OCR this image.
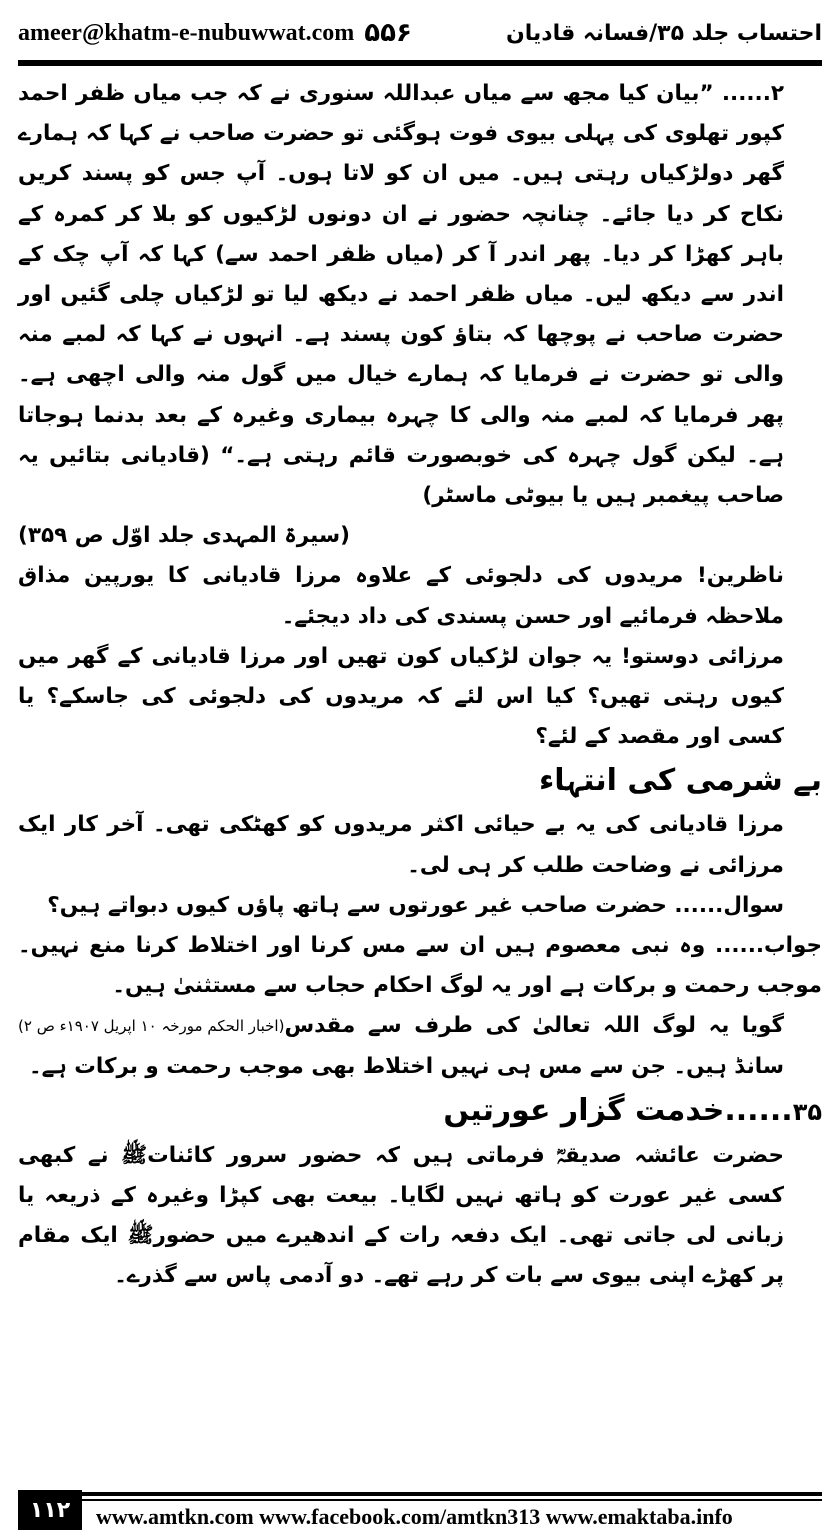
ameer@khatm-e-nubuwwat.com ۵۵۶	احتساب جلد ۳۵/فسانہ قادیان

۲...... ”بیان کیا مجھ سے میاں عبداللہ سنوری نے کہ جب میاں ظفر احمد کپور تھلوی کی پہلی بیوی فوت ہوگئی تو حضرت صاحب نے کہا کہ ہمارے گھر دولڑکیاں رہتی ہیں۔ میں ان کو لاتا ہوں۔ آپ جس کو پسند کریں نکاح کر دیا جائے۔ چنانچہ حضور نے ان دونوں لڑکیوں کو بلا کر کمرہ کے باہر کھڑا کر دیا۔ پھر اندر آ کر (میاں ظفر احمد سے) کہا کہ آپ چک کے اندر سے دیکھ لیں۔ میاں ظفر احمد نے دیکھ لیا تو لڑکیاں چلی گئیں اور حضرت صاحب نے پوچھا کہ بتاؤ کون پسند ہے۔ انہوں نے کہا کہ لمبے منہ والی تو حضرت نے فرمایا کہ ہمارے خیال میں گول منہ والی اچھی ہے۔ پھر فرمایا کہ لمبے منہ والی کا چہرہ بیماری وغیرہ کے بعد بدنما ہوجاتا ہے۔ لیکن گول چہرہ کی خوبصورت قائم رہتی ہے۔“ (قادیانی بتائیں یہ صاحب پیغمبر ہیں یا بیوٹی ماسٹر)

(سیرۃ المہدی جلد اوّل ص ۳۵۹)

ناظرین! مریدوں کی دلجوئی کے علاوہ مرزا قادیانی کا یورپین مذاق ملاحظہ فرمائیے اور حسن پسندی کی داد دیجئے۔

مرزائی دوستو! یہ جوان لڑکیاں کون تھیں اور مرزا قادیانی کے گھر میں کیوں رہتی تھیں؟ کیا اس لئے کہ مریدوں کی دلجوئی کی جاسکے؟ یا کسی اور مقصد کے لئے؟

بے شرمی کی انتہاء

مرزا قادیانی کی یہ بے حیائی اکثر مریدوں کو کھٹکی تھی۔ آخر کار ایک مرزائی نے وضاحت طلب کر ہی لی۔

سوال...... حضرت صاحب غیر عورتوں سے ہاتھ پاؤں کیوں دبواتے ہیں؟

جواب...... وہ نبی معصوم ہیں ان سے مس کرنا اور اختلاط کرنا منع نہیں۔ موجب رحمت و برکات ہے اور یہ لوگ احکام حجاب سے مستثنیٰ ہیں۔
(اخبار الحکم مورخہ ۱۰ اپریل ۱۹۰۷ء ص ۲) گویا یہ لوگ اللہ تعالیٰ کی طرف سے مقدس سانڈ ہیں۔ جن سے مس ہی نہیں اختلاط بھی موجب رحمت و برکات ہے۔

۳۵......خدمت گزار عورتیں

حضرت عائشہ صدیقہؓ فرماتی ہیں کہ حضور سرور کائناتﷺ نے کبھی کسی غیر عورت کو ہاتھ نہیں لگایا۔ بیعت بھی کپڑا وغیرہ کے ذریعہ یا زبانی لی جاتی تھی۔ ایک دفعہ رات کے اندھیرے میں حضورﷺ ایک مقام پر کھڑے اپنی بیوی سے بات کر رہے تھے۔ دو آدمی پاس سے گذرے۔

۱۱۲	www.amtkn.com www.facebook.com/amtkn313 www.emaktaba.info
